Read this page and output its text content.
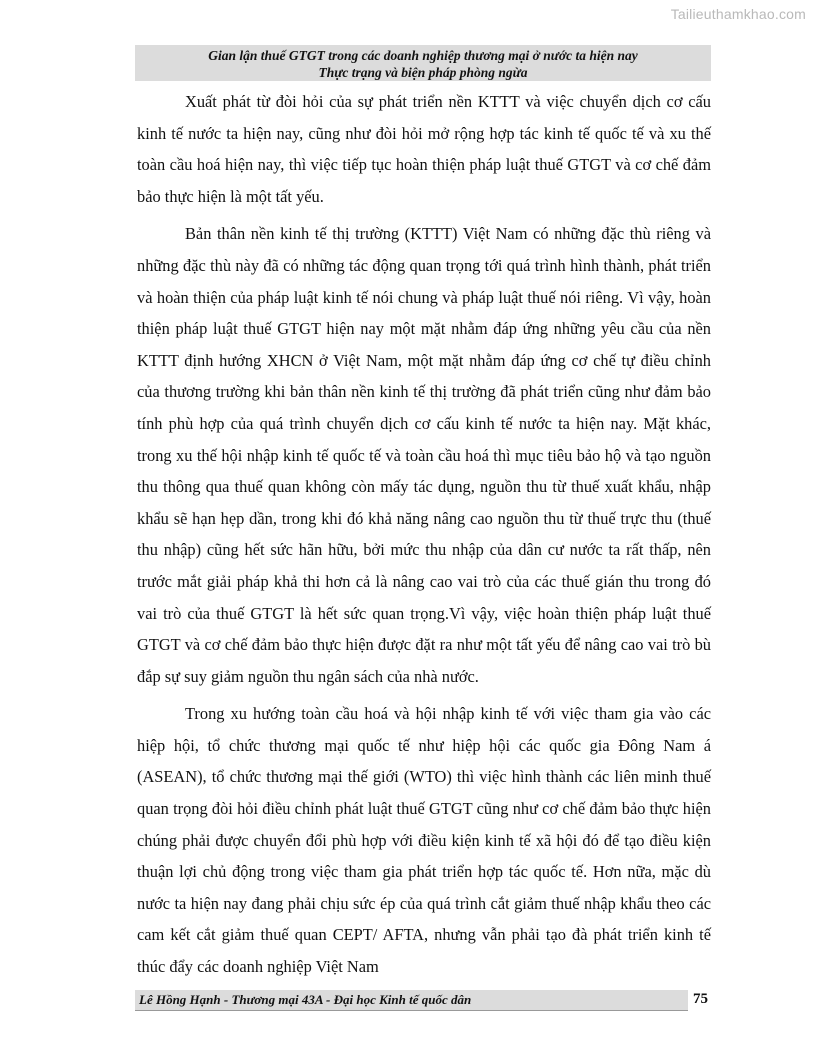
Tailieuthamkhao.com
Gian lận thuế GTGT trong các doanh nghiệp thương mại ở nước ta hiện nay
Thực trạng và biện pháp phòng ngừa

Xuất phát từ đòi hỏi của sự phát triển nền KTTT và việc chuyển dịch cơ cấu kinh tế nước ta hiện nay, cũng như đòi hỏi mở rộng hợp tác kinh tế quốc tế và xu thế toàn cầu hoá hiện nay, thì việc tiếp tục hoàn thiện pháp luật thuế GTGT và cơ chế đảm bảo thực hiện là một tất yếu.

Bản thân nền kinh tế thị trường (KTTT) Việt Nam có những đặc thù riêng và những đặc thù này đã có những tác động quan trọng tới quá trình hình thành, phát triển và hoàn thiện của pháp luật kinh tế nói chung và pháp luật thuế nói riêng. Vì vậy, hoàn thiện pháp luật thuế GTGT hiện nay một mặt nhằm đáp ứng những yêu cầu của nền KTTT định hướng XHCN ở Việt Nam, một mặt nhằm đáp ứng cơ chế tự điều chỉnh của thương trường khi bản thân nền kinh tế thị trường đã phát triển cũng như đảm bảo tính phù hợp của quá trình chuyển dịch cơ cấu kinh tế nước ta hiện nay. Mặt khác, trong xu thế hội nhập kinh tế quốc tế và toàn cầu hoá thì mục tiêu bảo hộ và tạo nguồn thu thông qua thuế quan không còn mấy tác dụng, nguồn thu từ thuế xuất khẩu, nhập khẩu sẽ hạn hẹp dần, trong khi đó khả năng nâng cao nguồn thu từ thuế trực thu (thuế thu nhập) cũng hết sức hãn hữu, bởi mức thu nhập của dân cư nước ta rất thấp, nên trước mắt giải pháp khả thi hơn cả là nâng cao vai trò của các thuế gián thu trong đó vai trò của thuế GTGT là hết sức quan trọng.Vì vậy, việc hoàn thiện pháp luật thuế GTGT và cơ chế đảm bảo thực hiện được đặt ra như một tất yếu để nâng cao vai trò bù đắp sự suy giảm nguồn thu ngân sách của nhà nước.

Trong xu hướng toàn cầu hoá và hội nhập kinh tế với việc tham gia vào các hiệp hội, tổ chức thương mại quốc tế như hiệp hội các quốc gia Đông Nam á (ASEAN), tổ chức thương mại thế giới (WTO) thì việc hình thành các liên minh thuế quan trọng đòi hỏi điều chỉnh phát luật thuế GTGT cũng như cơ chế đảm bảo thực hiện chúng phải được chuyển đổi phù hợp với điều kiện kinh tế xã hội đó để tạo điều kiện thuận lợi chủ động trong việc tham gia phát triển hợp tác quốc tế. Hơn nữa, mặc dù nước ta hiện nay đang phải chịu sức ép của quá trình cắt giảm thuế nhập khẩu theo các cam kết cắt giảm thuế quan CEPT/ AFTA, nhưng vẫn phải tạo đà phát triển kinh tế thúc đẩy các doanh nghiệp Việt Nam

Lê Hồng Hạnh - Thương mại 43A - Đại học Kinh tế quốc dân	75
